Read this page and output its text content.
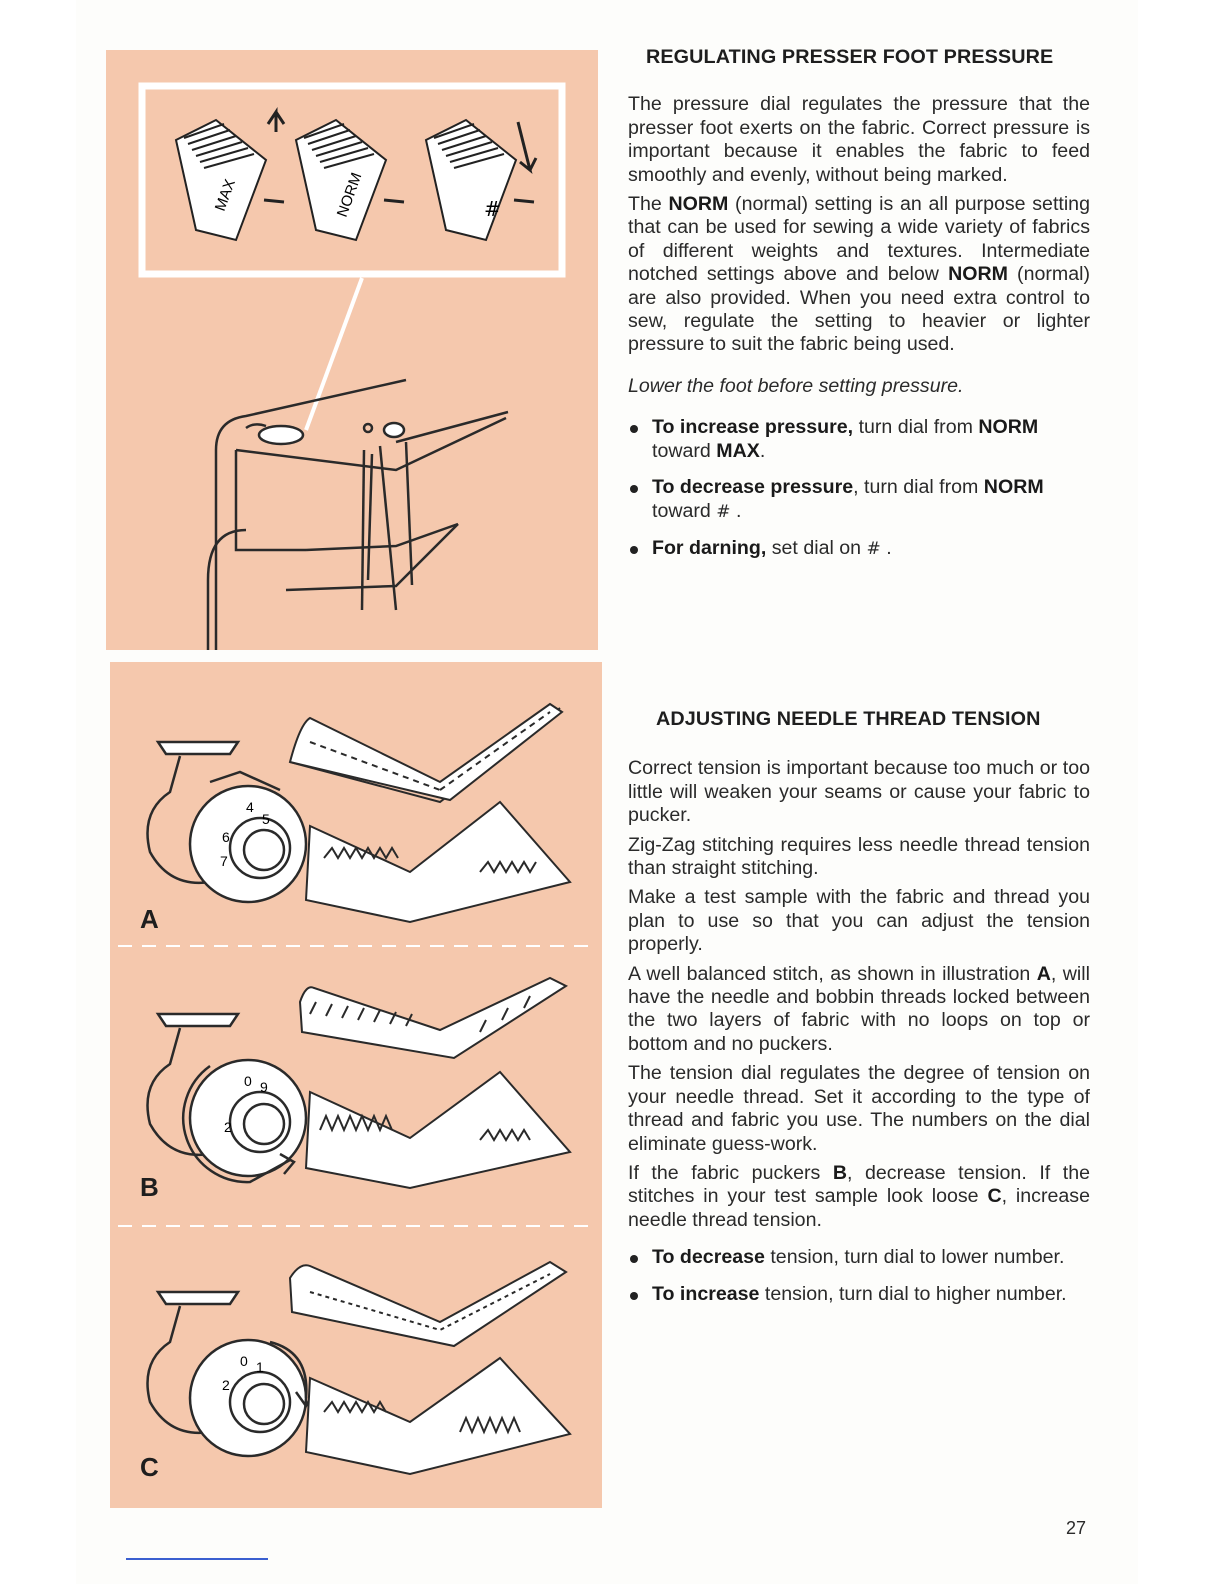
MAX	NORM	#
4
5
6
7
0 9
2
0 1
2
A
B
C
REGULATING PRESSER FOOT PRESSURE

The pressure dial regulates the pressure that the presser foot exerts on the fabric. Correct pressure is important because it enables the fabric to feed smoothly and evenly, without being marked.

The NORM (normal) setting is an all purpose setting that can be used for sewing a wide variety of fabrics of different weights and textures. Intermediate notched settings above and below NORM (normal) are also provided. When you need extra control to sew, regulate the setting to heavier or lighter pressure to suit the fabric being used.

Lower the foot before setting pressure.

To increase pressure, turn dial from NORM toward MAX.
To decrease pressure, turn dial from NORM toward # .
For darning, set dial on # .
ADJUSTING NEEDLE THREAD TENSION

Correct tension is important because too much or too little will weaken your seams or cause your fabric to pucker.

Zig-Zag stitching requires less needle thread tension than straight stitching.

Make a test sample with the fabric and thread you plan to use so that you can adjust the tension properly.

A well balanced stitch, as shown in illustration A, will have the needle and bobbin threads locked between the two layers of fabric with no loops on top or bottom and no puckers.

The tension dial regulates the degree of tension on your needle thread. Set it according to the type of thread and fabric you use. The numbers on the dial eliminate guess-work.

If the fabric puckers B, decrease tension. If the stitches in your test sample look loose C, increase needle thread tension.

To decrease tension, turn dial to lower number.
To increase tension, turn dial to higher number.
27
